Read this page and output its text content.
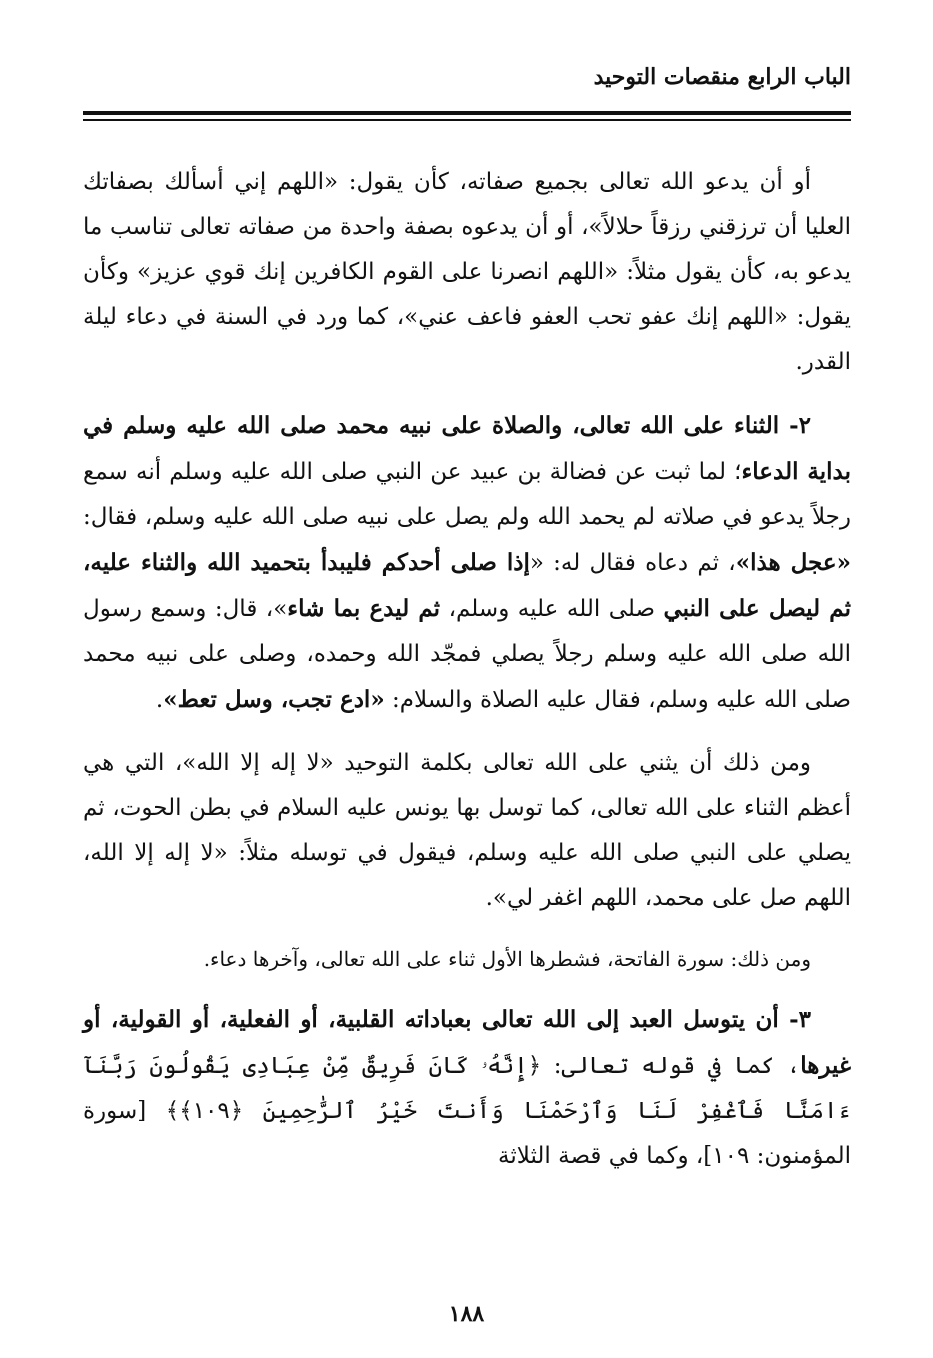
الباب الرابع منقصات التوحيد

أو أن يدعو الله تعالى بجميع صفاته، كأن يقول: «اللهم إني أسألك بصفاتك العليا أن ترزقني رزقاً حلالاً»، أو أن يدعوه بصفة واحدة من صفاته تعالى تناسب ما يدعو به، كأن يقول مثلاً: «اللهم انصرنا على القوم الكافرين إنك قوي عزيز» وكأن يقول: «اللهم إنك عفو تحب العفو فاعف عني»، كما ورد في السنة في دعاء ليلة القدر.

٢- الثناء على الله تعالى، والصلاة على نبيه محمد صلى الله عليه وسلم في بداية الدعاء؛ لما ثبت عن فضالة بن عبيد عن النبي صلى الله عليه وسلم أنه سمع رجلاً يدعو في صلاته لم يحمد الله ولم يصل على نبيه صلى الله عليه وسلم، فقال: «عجل هذا»، ثم دعاه فقال له: «إذا صلى أحدكم فليبدأ بتحميد الله والثناء عليه، ثم ليصل على النبي صلى الله عليه وسلم، ثم ليدع بما شاء»، قال: وسمع رسول الله صلى الله عليه وسلم رجلاً يصلي فمجّد الله وحمده، وصلى على نبيه محمد صلى الله عليه وسلم، فقال عليه الصلاة والسلام: «ادع تجب، وسل تعط».

ومن ذلك أن يثني على الله تعالى بكلمة التوحيد «لا إله إلا الله»، التي هي أعظم الثناء على الله تعالى، كما توسل بها يونس عليه السلام في بطن الحوت، ثم يصلي على النبي صلى الله عليه وسلم، فيقول في توسله مثلاً: «لا إله إلا الله، اللهم صل على محمد، اللهم اغفر لي».

ومن ذلك: سورة الفاتحة، فشطرها الأول ثناء على الله تعالى، وآخرها دعاء.

٣- أن يتوسل العبد إلى الله تعالى بعباداته القلبية، أو الفعلية، أو القولية، أو غيرها، كما في قوله تعالى: ﴿إِنَّهُۥ كَانَ فَرِيقٌ مِّنْ عِبَادِى يَقُولُونَ رَبَّنَآ ءَامَنَّا فَٱغْفِرْ لَنَا وَٱرْحَمْنَا وَأَنتَ خَيْرُ ٱلرَّٰحِمِينَ ﴿١٠٩﴾﴾ [سورة المؤمنون: ١٠٩]، وكما في قصة الثلاثة

١٨٨
